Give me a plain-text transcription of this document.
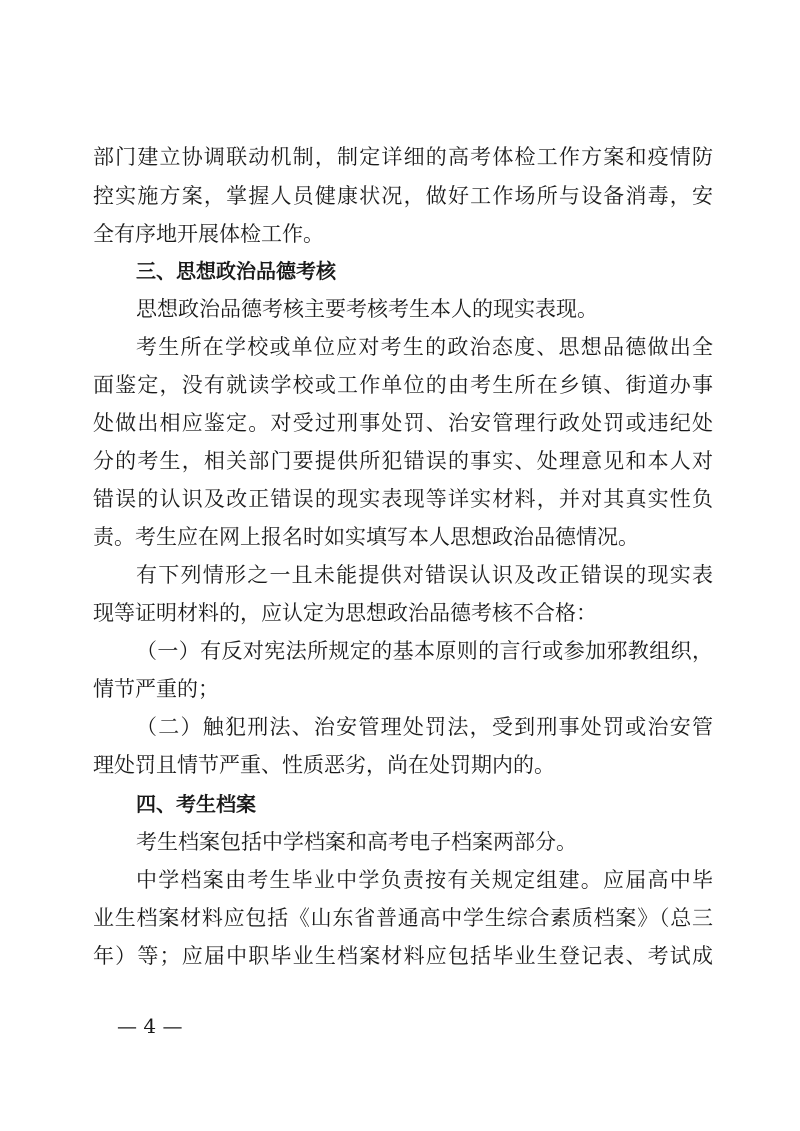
部门建立协调联动机制，制定详细的高考体检工作方案和疫情防
控实施方案，掌握人员健康状况，做好工作场所与设备消毒，安
全有序地开展体检工作。
三、思想政治品德考核
思想政治品德考核主要考核考生本人的现实表现。
考生所在学校或单位应对考生的政治态度、思想品德做出全
面鉴定，没有就读学校或工作单位的由考生所在乡镇、街道办事
处做出相应鉴定。对受过刑事处罚、治安管理行政处罚或违纪处
分的考生，相关部门要提供所犯错误的事实、处理意见和本人对
错误的认识及改正错误的现实表现等详实材料，并对其真实性负
责。考生应在网上报名时如实填写本人思想政治品德情况。
有下列情形之一且未能提供对错误认识及改正错误的现实表
现等证明材料的，应认定为思想政治品德考核不合格：
（一）有反对宪法所规定的基本原则的言行或参加邪教组织，
情节严重的；
（二）触犯刑法、治安管理处罚法，受到刑事处罚或治安管
理处罚且情节严重、性质恶劣，尚在处罚期内的。
四、考生档案
考生档案包括中学档案和高考电子档案两部分。
中学档案由考生毕业中学负责按有关规定组建。应届高中毕
业生档案材料应包括《山东省普通高中学生综合素质档案》（总三
年）等；应届中职毕业生档案材料应包括毕业生登记表、考试成
— 4 —
